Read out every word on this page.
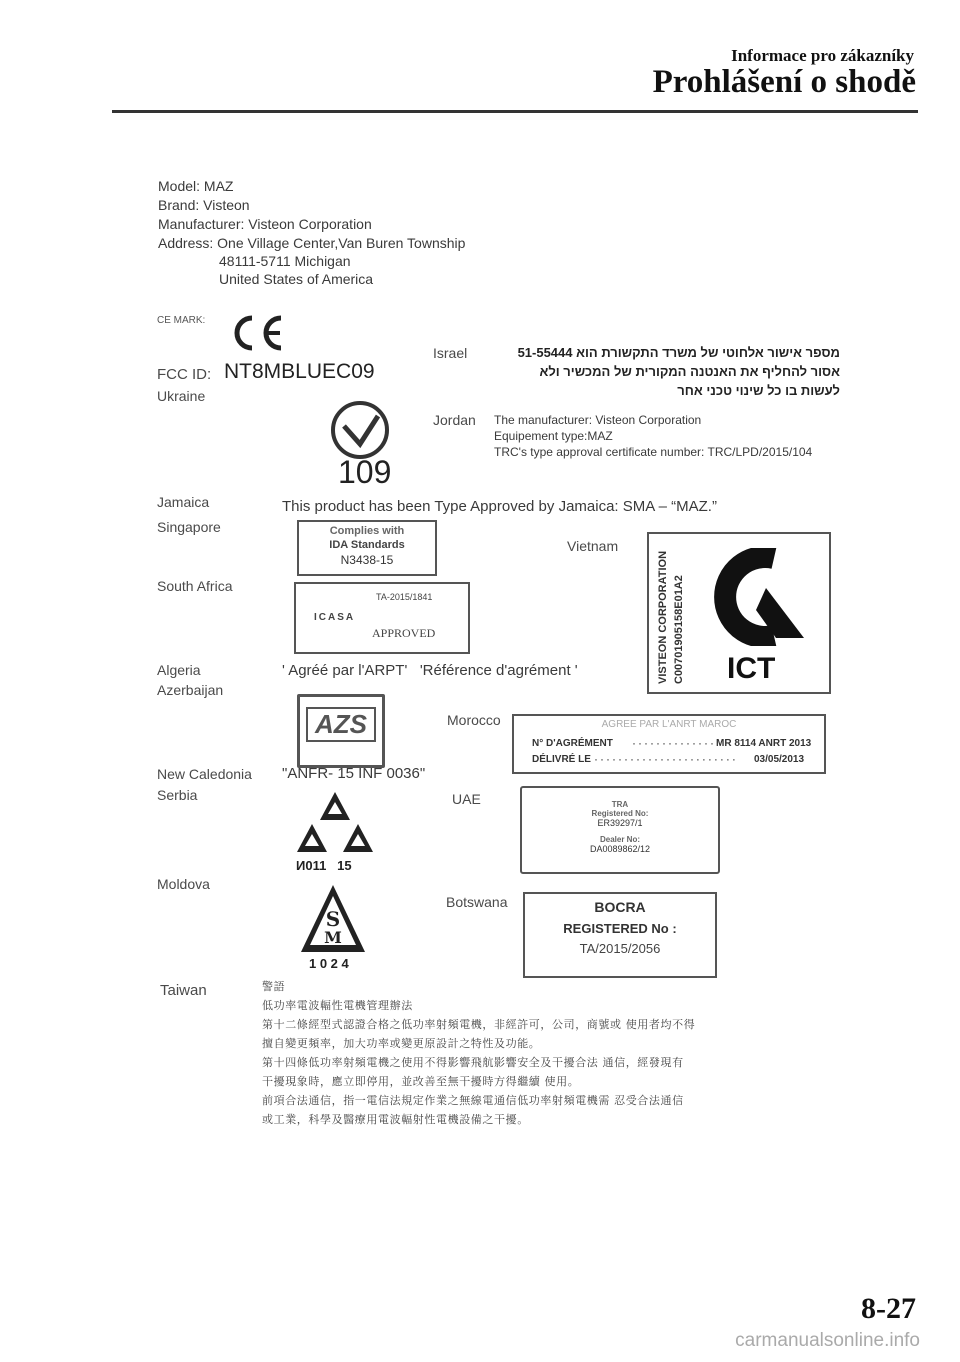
Informace pro zákazníky
Prohlášení o shodě
Model: MAZ
Brand: Visteon
Manufacturer: Visteon Corporation
Address: One Village Center,Van Buren Township
48111-5711 Michigan
United States of America
CE MARK:
FCC ID: NT8MBLUEC09
Ukraine
109
Israel	מספר אישור אלחוטי של משרד התקשורת הוא 51-55444
אסור להחליף את האנטנה המקורית של המכשיר ולא
לעשות בו כל שינוי טכני אחר
Jordan The manufacturer: Visteon Corporation
Equipement type:MAZ
TRC's type approval certificate number: TRC/LPD/2015/104
Jamaica	This product has been Type Approved by Jamaica: SMA – “MAZ.”
Singapore	Complies with
IDA Standards
N3438-15
Vietnam
VISTEON CORPORATION C00701905158E01A2 ICT
South Africa
TA-2015/1841
ICASA
APPROVED
Algeria	' Agréé par l'ARPT'   'Référence d'agrément '
Azerbaijan
AZS	Morocco	AGREE PAR L'ANRT MAROC
N° D'AGRÉMENT ·············· MR 8114 ANRT 2013
DÉLIVRÉ LE ························ 03/05/2013
New Caledonia "ANFR- 15 INF 0036"
Serbia
И011   15
UAE	TRA
Registered No:
ER39297/1
Dealer No:
DA0089862/12
Moldova
S
M
1 0 2 4
Botswana	BOCRA
REGISTERED No :
TA/2015/2056
Taiwan	警語
低功率電波輻性電機管理辦法
第十二條經型式認證合格之低功率射頻電機，非經許可，公司，商號或 使用者均不得
擅自變更頻率，加大功率或變更原設計之特性及功能。
第十四條低功率射頻電機之使用不得影響飛航影響安全及干擾合法 通信，經發現有
干擾現象時，應立即停用，並改善至無干擾時方得繼續 使用。
前項合法通信，指一電信法規定作業之無線電通信低功率射頻電機需 忍受合法通信
或工業，科學及醫療用電波輻射性電機設備之干擾。
8-27
carmanualsonline.info
